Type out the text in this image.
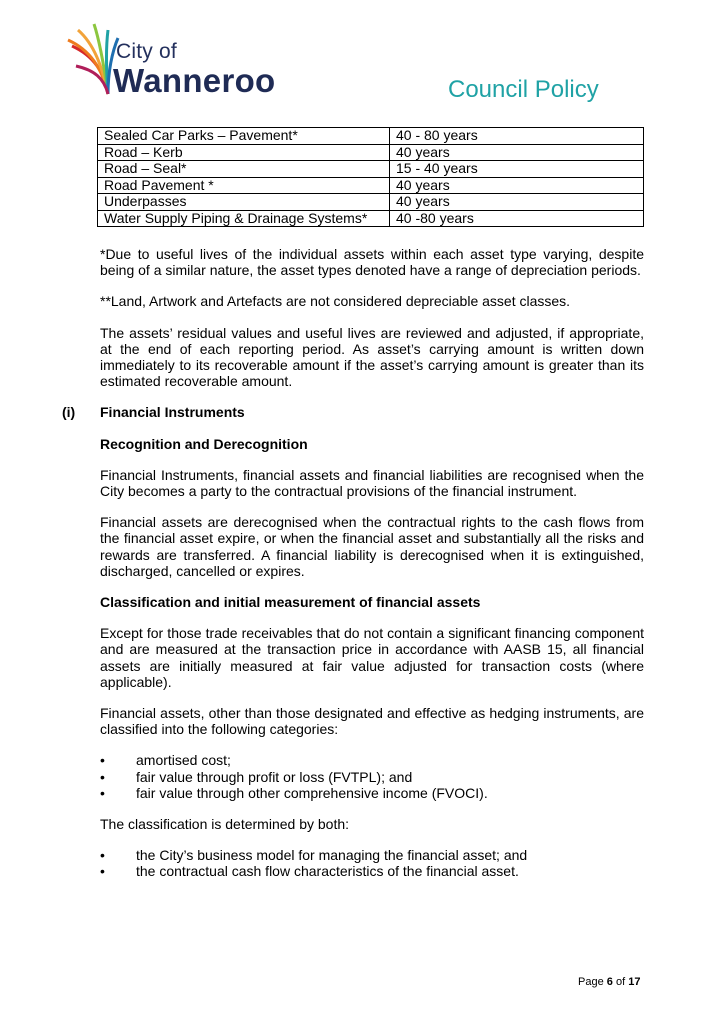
City of
Wanneroo	Council Policy
Sealed Car Parks – Pavement*	40 - 80 years
Road – Kerb	40 years
Road – Seal*	15 - 40 years
Road Pavement *	40 years
Underpasses	40 years
Water Supply Piping & Drainage Systems*	40 -80 years

*Due to useful lives of the individual assets within each asset type varying, despite being of a similar nature, the asset types denoted have a range of depreciation periods.

**Land, Artwork and Artefacts are not considered depreciable asset classes.

The assets’ residual values and useful lives are reviewed and adjusted, if appropriate, at the end of each reporting period. As asset’s carrying amount is written down immediately to its recoverable amount if the asset’s carrying amount is greater than its estimated recoverable amount.

(i) Financial Instruments

Recognition and Derecognition

Financial Instruments, financial assets and financial liabilities are recognised when the City becomes a party to the contractual provisions of the financial instrument.

Financial assets are derecognised when the contractual rights to the cash flows from the financial asset expire, or when the financial asset and substantially all the risks and rewards are transferred. A financial liability is derecognised when it is extinguished, discharged, cancelled or expires.

Classification and initial measurement of financial assets

Except for those trade receivables that do not contain a significant financing component and are measured at the transaction price in accordance with AASB 15, all financial assets are initially measured at fair value adjusted for transaction costs (where applicable).

Financial assets, other than those designated and effective as hedging instruments, are classified into the following categories:

• amortised cost;
• fair value through profit or loss (FVTPL); and
• fair value through other comprehensive income (FVOCI).

The classification is determined by both:

• the City’s business model for managing the financial asset; and
• the contractual cash flow characteristics of the financial asset.
Page 6 of 17
